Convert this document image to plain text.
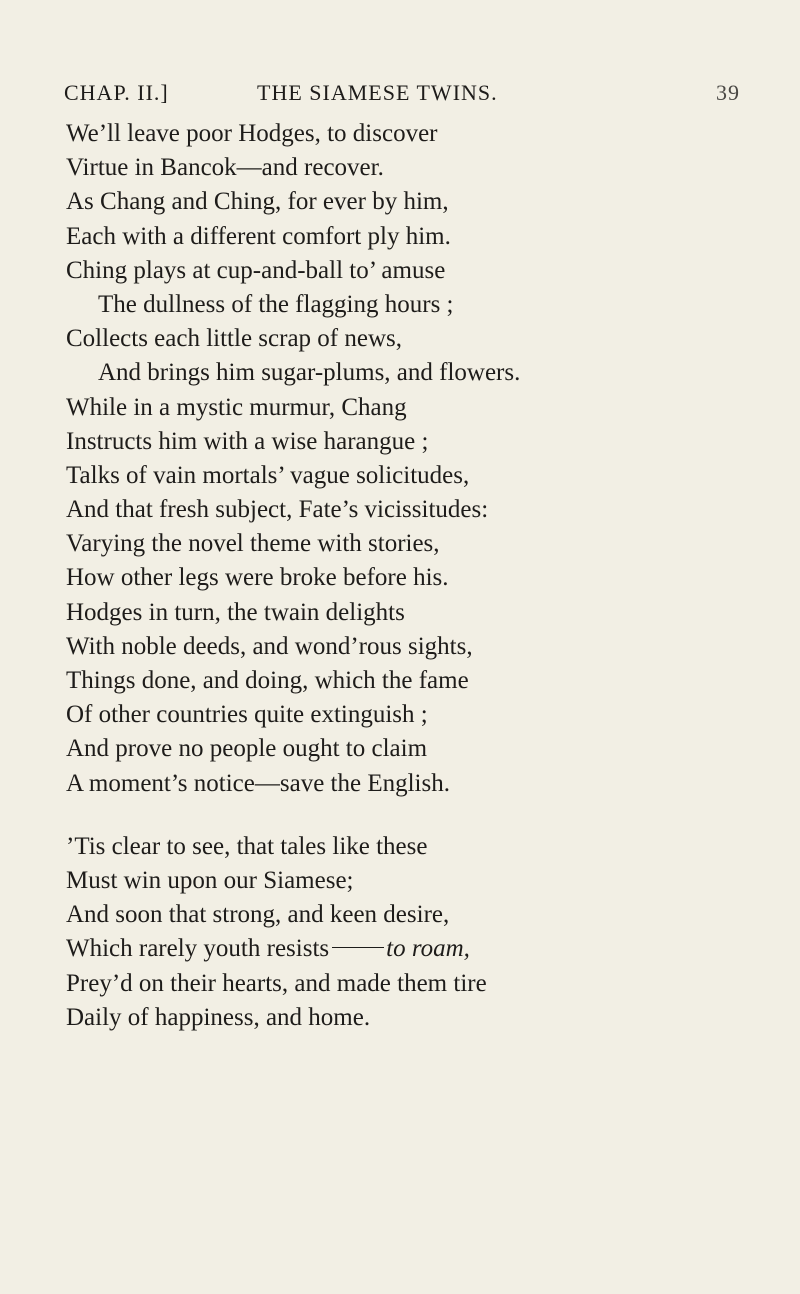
CHAP. II.]	THE SIAMESE TWINS.	39
We’ll leave poor Hodges, to discover
Virtue in Bancok—and recover.
As Chang and Ching, for ever by him,
Each with a different comfort ply him.
Ching plays at cup-and-ball to’ amuse
The dullness of the flagging hours ;
Collects each little scrap of news,
And brings him sugar-plums, and flowers.
While in a mystic murmur, Chang
Instructs him with a wise harangue ;
Talks of vain mortals’ vague solicitudes,
And that fresh subject, Fate’s vicissitudes:
Varying the novel theme with stories,
How other legs were broke before his.
Hodges in turn, the twain delights
With noble deeds, and wond’rous sights,
Things done, and doing, which the fame
Of other countries quite extinguish ;
And prove no people ought to claim
A moment’s notice—save the English.
’Tis clear to see, that tales like these
Must win upon our Siamese;
And soon that strong, and keen desire,
Which rarely youth resists to roam,
Prey’d on their hearts, and made them tire
Daily of happiness, and home.
